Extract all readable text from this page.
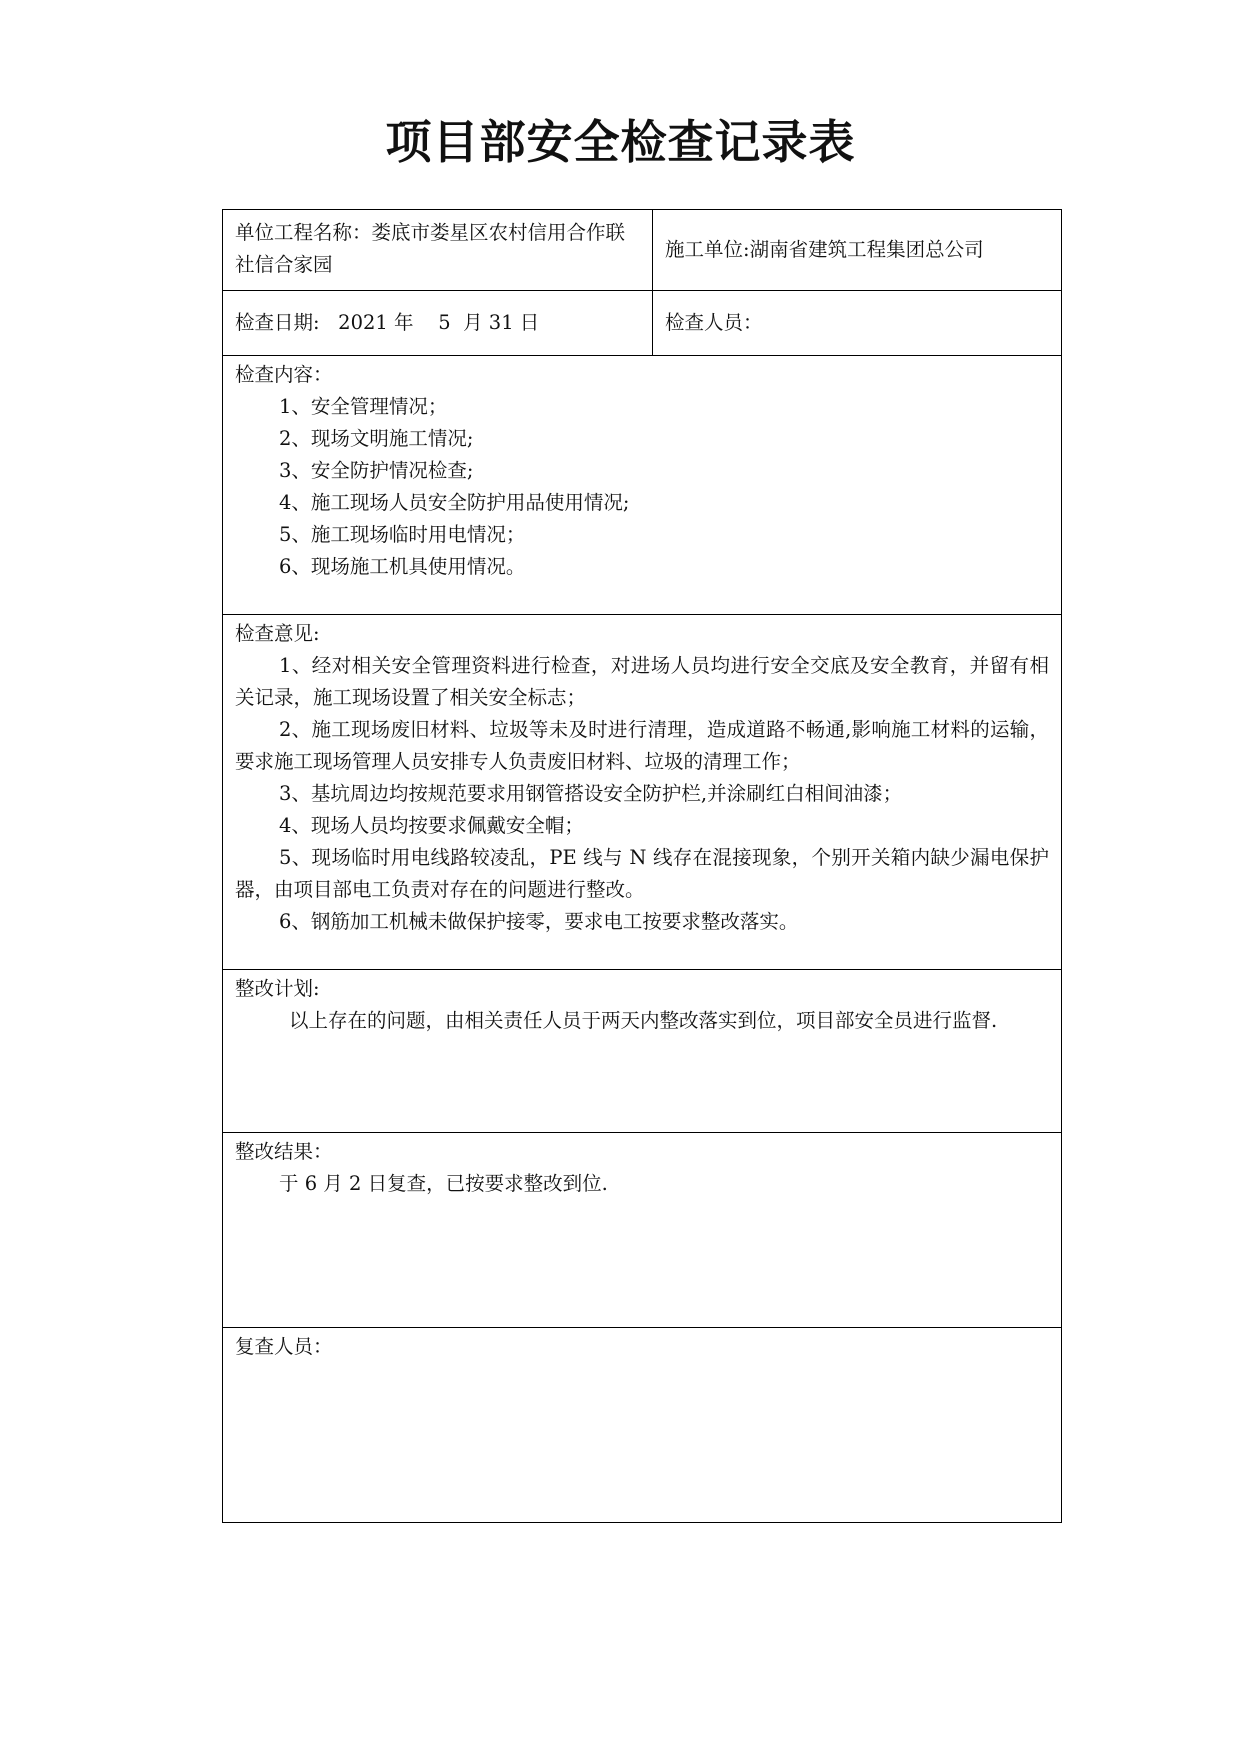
项目部安全检查记录表
单位工程名称：娄底市娄星区农村信用合作联社信合家园
施工单位:湖南省建筑工程集团总公司
检查日期:   2021 年    5  月 31 日	检查人员：
检查内容：
1、安全管理情况；
2、现场文明施工情况;
3、安全防护情况检查;
4、施工现场人员安全防护用品使用情况;
5、施工现场临时用电情况；
6、现场施工机具使用情况。
检查意见:
1、经对相关安全管理资料进行检查，对进场人员均进行安全交底及安全教育，并留有相关记录，施工现场设置了相关安全标志；
2、施工现场废旧材料、垃圾等未及时进行清理，造成道路不畅通,影响施工材料的运输，要求施工现场管理人员安排专人负责废旧材料、垃圾的清理工作；
3、基坑周边均按规范要求用钢管搭设安全防护栏,并涂刷红白相间油漆；
4、现场人员均按要求佩戴安全帽；
5、现场临时用电线路较凌乱，PE 线与 N 线存在混接现象，个别开关箱内缺少漏电保护器，由项目部电工负责对存在的问题进行整改。
6、钢筋加工机械未做保护接零，要求电工按要求整改落实。
整改计划:
以上存在的问题，由相关责任人员于两天内整改落实到位，项目部安全员进行监督.
整改结果：
于 6 月 2 日复查，已按要求整改到位.
复查人员：
